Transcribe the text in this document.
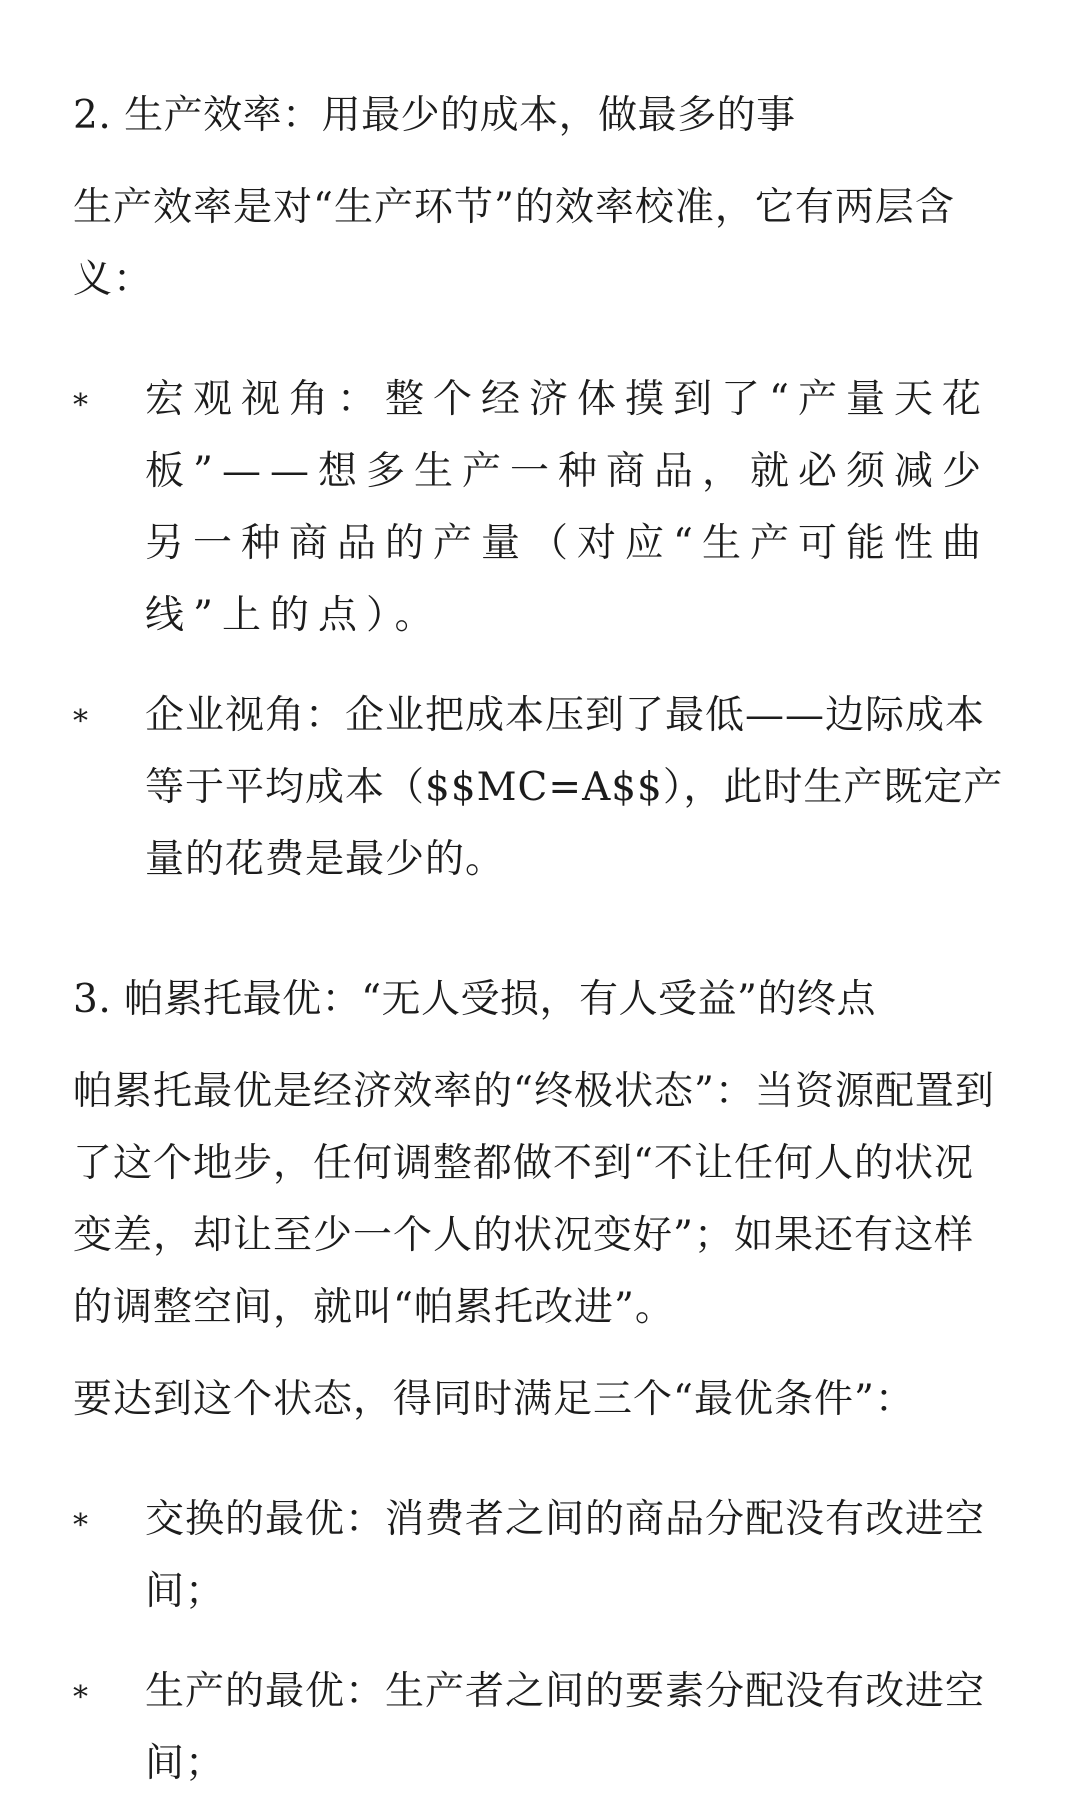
2. 生产效率：用最少的成本，做最多的事

生产效率是对“生产环节”的效率校准，它有两层含义：

*	宏观视角：整个经济体摸到了“产量天花板”——想多生产一种商品，就必须减少另一种商品的产量（对应“生产可能性曲线”上的点）。
*	企业视角：企业把成本压到了最低——边际成本等于平均成本（$$MC=A$$），此时生产既定产量的花费是最少的。
3. 帕累托最优：“无人受损，有人受益”的终点

帕累托最优是经济效率的“终极状态”：当资源配置到了这个地步，任何调整都做不到“不让任何人的状况变差，却让至少一个人的状况变好”；如果还有这样的调整空间，就叫“帕累托改进”。

要达到这个状态，得同时满足三个“最优条件”：

*	交换的最优：消费者之间的商品分配没有改进空间；
*	生产的最优：生产者之间的要素分配没有改进空间；
